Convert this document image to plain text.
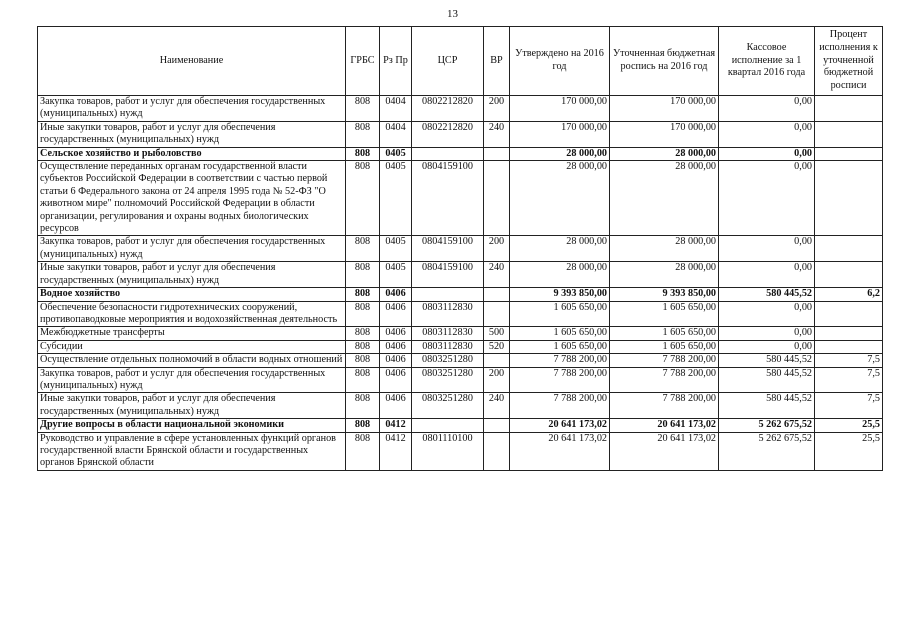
13
Наименование	ГРБС	Рз Пр	ЦСР	ВР	Утверждено на 2016 год	Уточненная бюджетная роспись на 2016 год	Кассовое исполнение за 1 квартал 2016 года	Процент исполнения к уточненной бюджетной росписи
Закупка товаров, работ и услуг для обеспечения государственных (муниципальных) нужд	808	0404	0802212820	200	170 000,00	170 000,00	0,00	
Иные закупки товаров, работ и услуг для обеспечения государственных (муниципальных) нужд	808	0404	0802212820	240	170 000,00	170 000,00	0,00	
Сельское хозяйство и рыболовство	808	0405			28 000,00	28 000,00	0,00	
Осуществление переданных органам государственной власти субъектов Российской Федерации в соответствии с частью первой статьи 6 Федерального закона от 24 апреля 1995 года № 52-ФЗ "О животном мире" полномочий Российской Федерации в области организации, регулирования и охраны водных биологических ресурсов	808	0405	0804159100		28 000,00	28 000,00	0,00	
Закупка товаров, работ и услуг для обеспечения государственных (муниципальных) нужд	808	0405	0804159100	200	28 000,00	28 000,00	0,00	
Иные закупки товаров, работ и услуг для обеспечения государственных (муниципальных) нужд	808	0405	0804159100	240	28 000,00	28 000,00	0,00	
Водное хозяйство	808	0406			9 393 850,00	9 393 850,00	580 445,52	6,2
Обеспечение безопасности гидротехнических сооружений, противопаводковые мероприятия и водохозяйственная деятельность	808	0406	0803112830		1 605 650,00	1 605 650,00	0,00	
Межбюджетные трансферты	808	0406	0803112830	500	1 605 650,00	1 605 650,00	0,00	
Субсидии	808	0406	0803112830	520	1 605 650,00	1 605 650,00	0,00	
Осуществление отдельных полномочий в области водных отношений	808	0406	0803251280		7 788 200,00	7 788 200,00	580 445,52	7,5
Закупка товаров, работ и услуг для обеспечения государственных (муниципальных) нужд	808	0406	0803251280	200	7 788 200,00	7 788 200,00	580 445,52	7,5
Иные закупки товаров, работ и услуг для обеспечения государственных (муниципальных) нужд	808	0406	0803251280	240	7 788 200,00	7 788 200,00	580 445,52	7,5
Другие вопросы в области национальной экономики	808	0412			20 641 173,02	20 641 173,02	5 262 675,52	25,5
Руководство и управление в сфере установленных функций органов государственной власти Брянской области и государственных органов Брянской области	808	0412	0801110100		20 641 173,02	20 641 173,02	5 262 675,52	25,5
